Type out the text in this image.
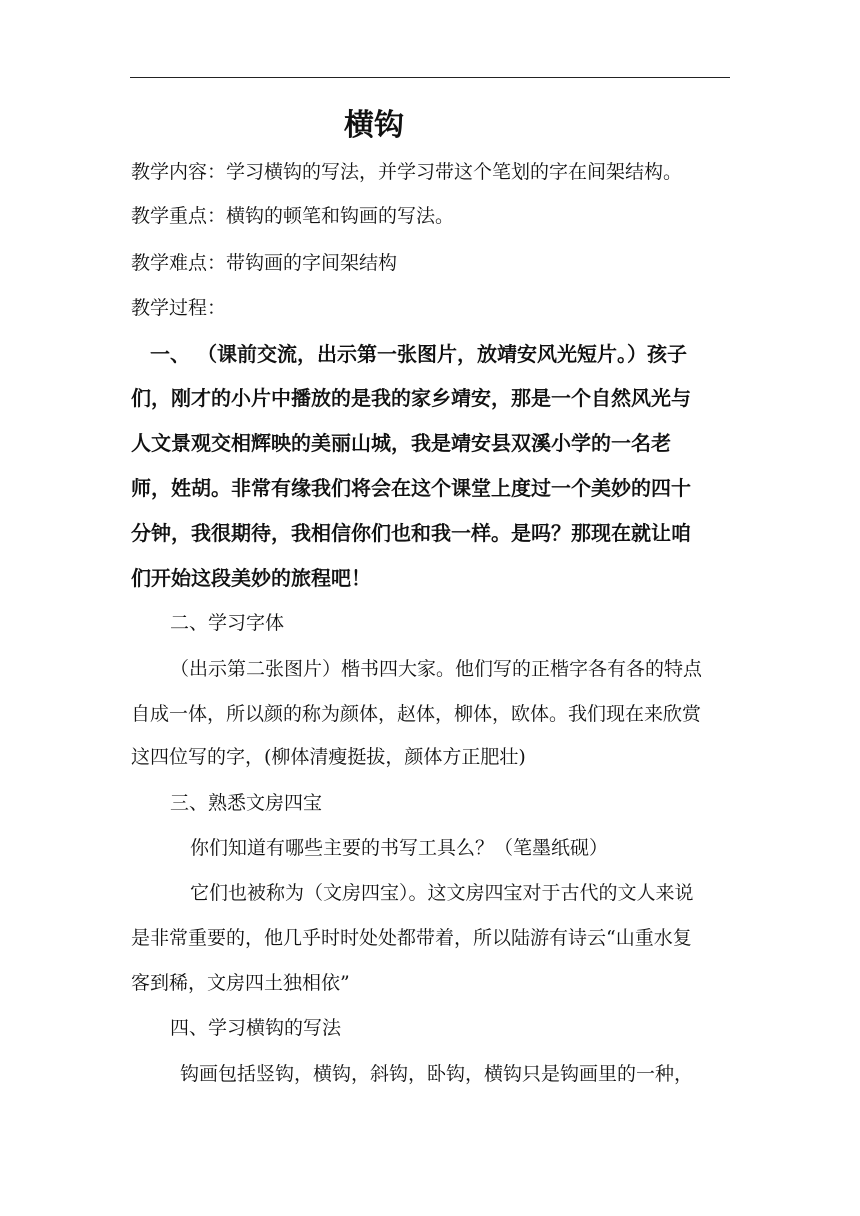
横钩
教学内容：学习横钩的写法，并学习带这个笔划的字在间架结构。
教学重点：横钩的顿笔和钩画的写法。
教学难点：带钩画的字间架结构
教学过程：
一、 （课前交流，出示第一张图片，放靖安风光短片。）孩子
们，刚才的小片中播放的是我的家乡靖安，那是一个自然风光与
人文景观交相辉映的美丽山城，我是靖安县双溪小学的一名老
师，姓胡。非常有缘我们将会在这个课堂上度过一个美妙的四十
分钟，我很期待，我相信你们也和我一样。是吗？那现在就让咱
们开始这段美妙的旅程吧！
二、学习字体
（出示第二张图片）楷书四大家。他们写的正楷字各有各的特点
自成一体，所以颜的称为颜体，赵体，柳体，欧体。我们现在来欣赏
这四位写的字，(柳体清瘦挺拔，颜体方正肥壮)
三、熟悉文房四宝
你们知道有哪些主要的书写工具么？（笔墨纸砚）
它们也被称为（文房四宝）。这文房四宝对于古代的文人来说
是非常重要的，他几乎时时处处都带着，所以陆游有诗云“山重水复
客到稀，文房四土独相依”
四、学习横钩的写法
钩画包括竖钩，横钩，斜钩，卧钩，横钩只是钩画里的一种，
